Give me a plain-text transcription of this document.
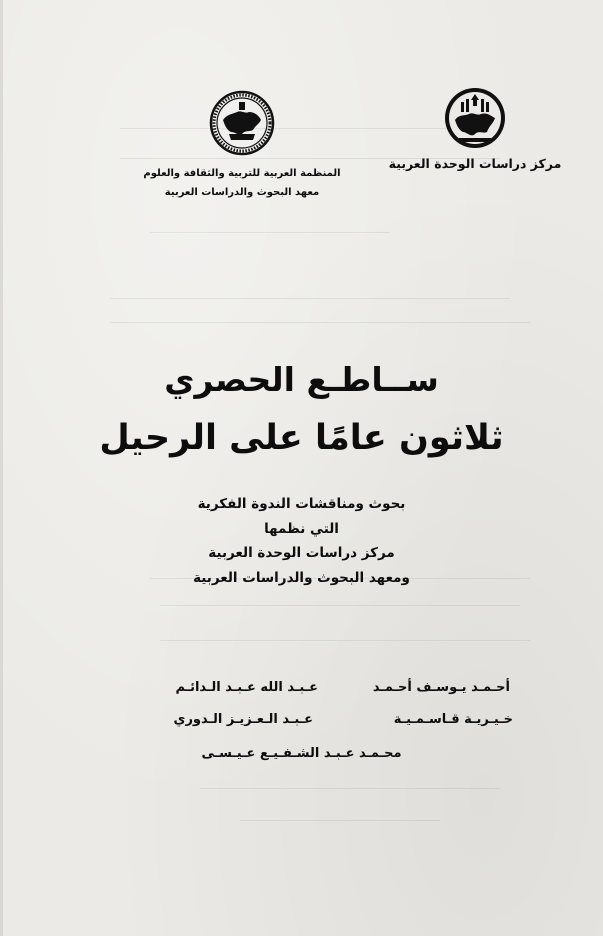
مركز دراسات الوحدة العربية
المنظمة العربية للتربية والثقافة والعلوم
معهد البحوث والدراسات العربية
ســاطـع الحصري
ثلاثون عامًا على الرحيل
بحوث ومناقشات الندوة الفكرية
التي نظمها
مركز دراسات الوحدة العربية
ومعهد البحوث والدراسات العربية
أحـمـد يـوسـف أحـمـد
عـبـد الله عـبـد الـدائـم
خـيـريـة قـاسـمـيـة
عـبـد الـعـزيـز الـدوري
محـمـد عـبـد الشـفـيـع عـيـسـى
